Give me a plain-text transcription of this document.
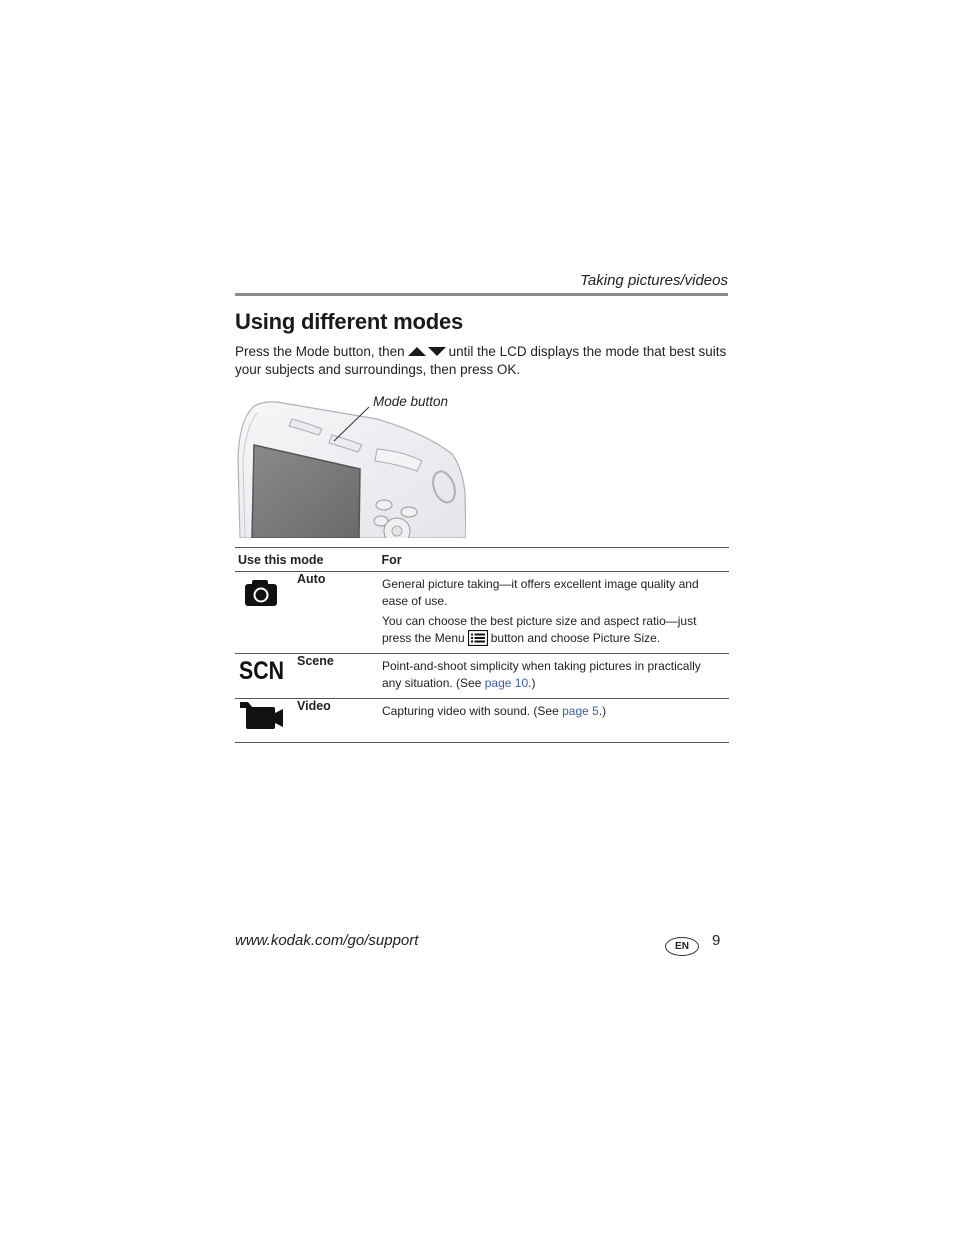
Taking pictures/videos
Using different modes
Press the Mode button, then	until the LCD displays the mode that best suits your subjects and surroundings, then press OK.
Mode button
Use this mode		For

	Auto	General picture taking—it offers excellent image quality and ease of use.

You can choose the best picture size and aspect ratio—just press the Menu button and choose Picture Size.

SCN	Scene	Point-and-shoot simplicity when taking pictures in practically any situation. (See page 10.)

	Video	Capturing video with sound. (See page 5.)
www.kodak.com/go/support	EN	9
